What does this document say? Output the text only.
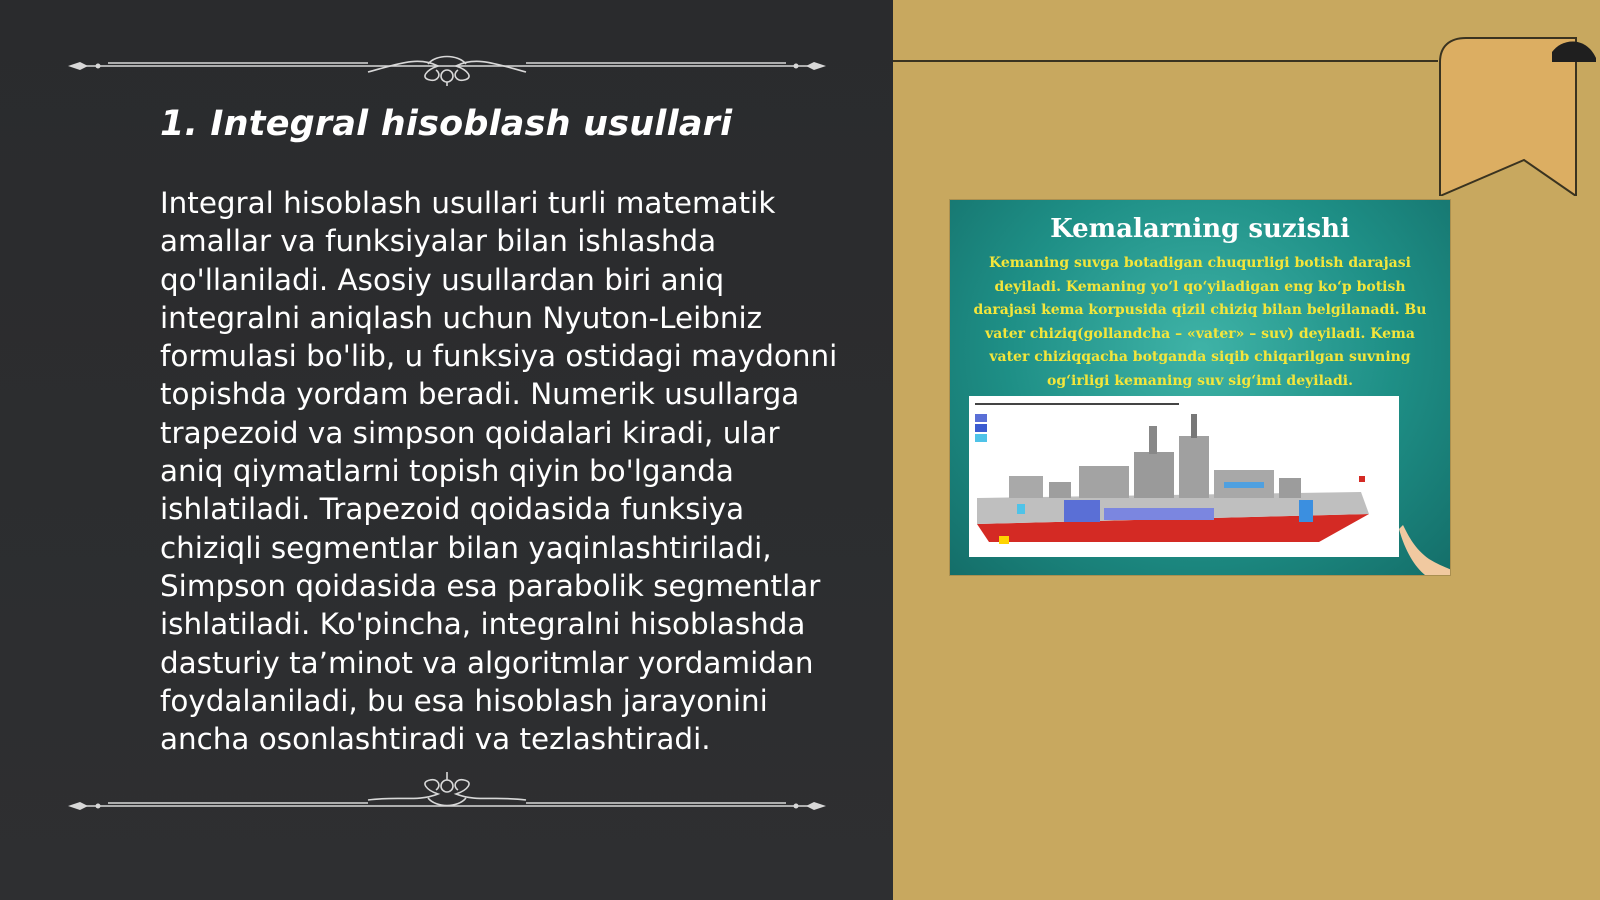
1. Integral hisoblash usullari

Integral hisoblash usullari turli matematik amallar va funksiyalar bilan ishlashda qo'llaniladi. Asosiy usullardan biri aniq integralni aniqlash uchun Nyuton-Leibniz formulasi bo'lib, u funksiya ostidagi maydonni topishda yordam beradi. Numerik usullarga trapezoid va simpson qoidalari kiradi, ular aniq qiymatlarni topish qiyin bo'lganda ishlatiladi. Trapezoid qoidasida funksiya chiziqli segmentlar bilan yaqinlashtiriladi, Simpson qoidasida esa parabolik segmentlar ishlatiladi. Ko'pincha, integralni hisoblashda dasturiy ta’minot va algoritmlar yordamidan foydalaniladi, bu esa hisoblash jarayonini ancha osonlashtiradi va tezlashtiradi.

Kemalarning suzishi
Kemaning suvga botadigan chuqurligi botish darajasi deyiladi. Kemaning yo‘l qo‘yiladigan eng ko‘p botish darajasi kema korpusida qizil chiziq bilan belgilanadi. Bu vater chiziq(gollandcha – «vater» – suv) deyiladi. Kema vater chiziqqacha botganda siqib chiqarilgan suvning og‘irligi kemaning suv sig‘imi deyiladi.
